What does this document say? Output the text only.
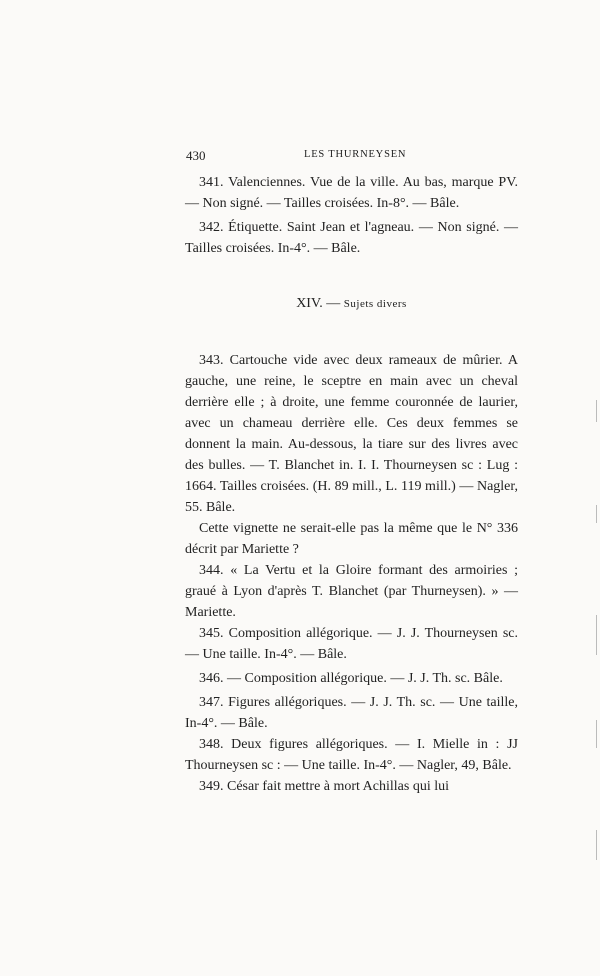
430	LES THURNEYSEN

341. Valenciennes. Vue de la ville. Au bas, marque PV. — Non signé. — Tailles croisées. In-8°. — Bâle.

342. Étiquette. Saint Jean et l'agneau. — Non signé. — Tailles croisées. In-4°. — Bâle.

XIV. — Sujets divers

343. Cartouche vide avec deux rameaux de mûrier. A gauche, une reine, le sceptre en main avec un cheval derrière elle ; à droite, une femme couronnée de laurier, avec un chameau derrière elle. Ces deux femmes se donnent la main. Au-dessous, la tiare sur des livres avec des bulles. — T. Blanchet in. I. I. Thourneysen sc : Lug : 1664. Tailles croisées. (H. 89 mill., L. 119 mill.) — Nagler, 55. Bâle.

Cette vignette ne serait-elle pas la même que le N° 336 décrit par Mariette ?

344. « La Vertu et la Gloire formant des armoiries ; graué à Lyon d'après T. Blanchet (par Thurneysen). » — Mariette.

345. Composition allégorique. — J. J. Thourneysen sc. — Une taille. In-4°. — Bâle.

346. — Composition allégorique. — J. J. Th. sc. Bâle.

347. Figures allégoriques. — J. J. Th. sc. — Une taille, In-4°. — Bâle.

348. Deux figures allégoriques. — I. Mielle in : JJ Thourneysen sc : — Une taille. In-4°. — Nagler, 49, Bâle.

349. César fait mettre à mort Achillas qui lui
